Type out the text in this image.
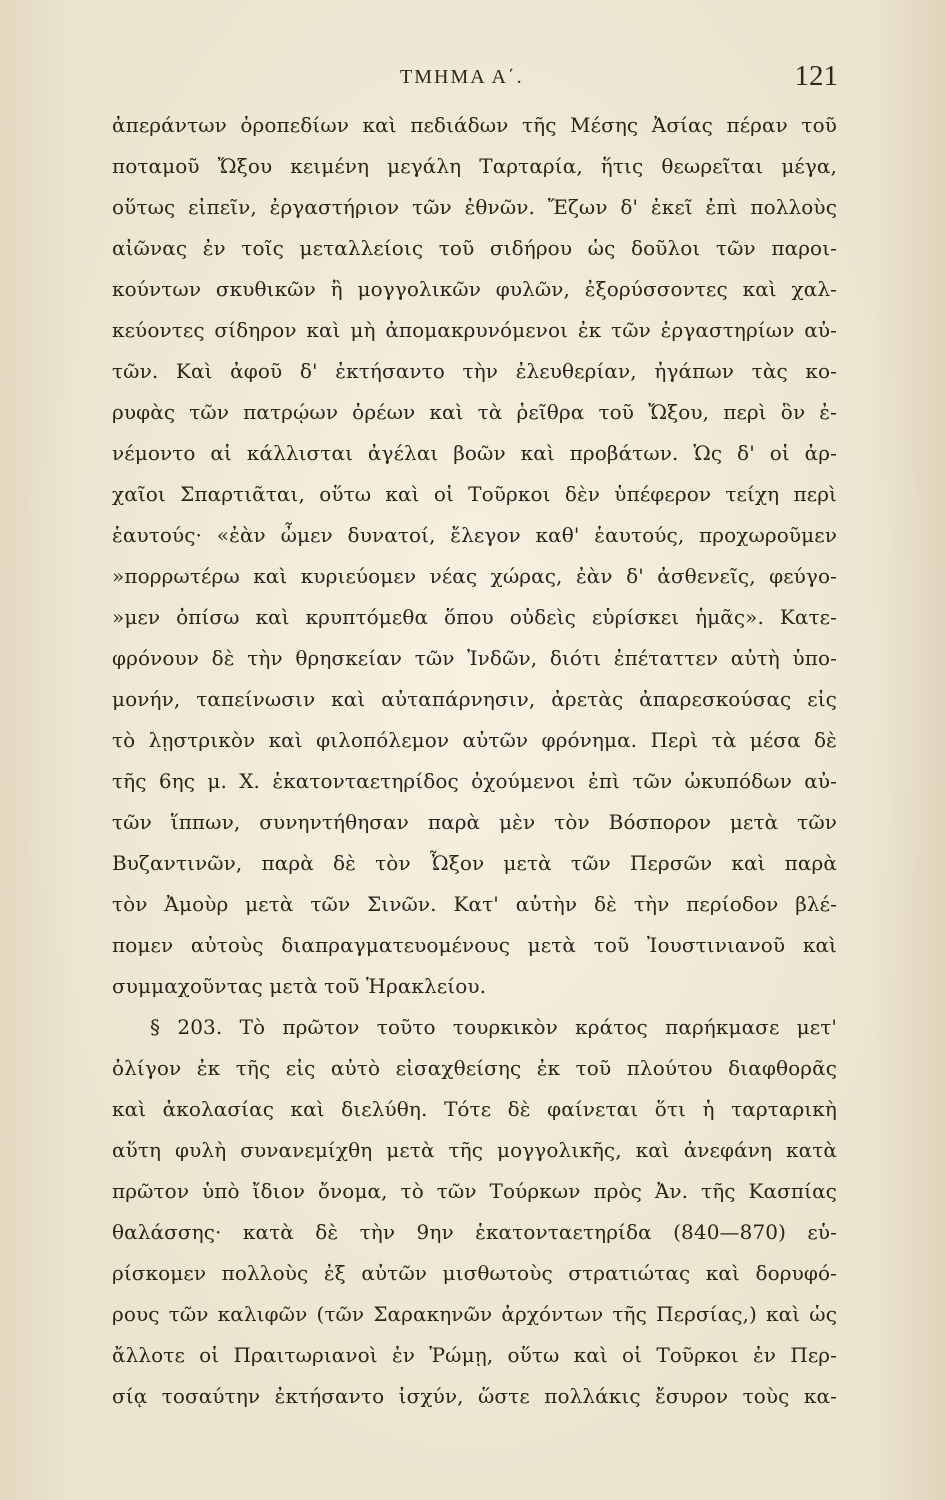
ΤΜΗΜΑ Α΄.	121
ἀπεράντων ὀροπεδίων καὶ πεδιάδων τῆς Μέσης Ἀσίας πέραν τοῦ
ποταμοῦ Ὤξου κειμένη μεγάλη Ταρταρία, ἥτις θεωρεῖται μέγα,
οὕτως εἰπεῖν, ἐργαστήριον τῶν ἐθνῶν. Ἔζων δ' ἐκεῖ ἐπὶ πολλοὺς
αἰῶνας ἐν τοῖς μεταλλείοις τοῦ σιδήρου ὡς δοῦλοι τῶν παροι-
κούντων σκυθικῶν ἢ μογγολικῶν φυλῶν, ἐξορύσσοντες καὶ χαλ-
κεύοντες σίδηρον καὶ μὴ ἀπομακρυνόμενοι ἐκ τῶν ἐργαστηρίων αὐ-
τῶν. Καὶ ἀφοῦ δ' ἐκτήσαντο τὴν ἐλευθερίαν, ἠγάπων τὰς κο-
ρυφὰς τῶν πατρῴων ὀρέων καὶ τὰ ῥεῖθρα τοῦ Ὤξου, περὶ ὃν ἐ-
νέμοντο αἱ κάλλισται ἀγέλαι βοῶν καὶ προβάτων. Ὡς δ' οἱ ἀρ-
χαῖοι Σπαρτιᾶται, οὕτω καὶ οἱ Τοῦρκοι δὲν ὑπέφερον τείχη περὶ
ἑαυτούς· «ἐὰν ὦμεν δυνατοί, ἔλεγον καθ' ἑαυτούς, προχωροῦμεν
»πορρωτέρω καὶ κυριεύομεν νέας χώρας, ἐὰν δ' ἀσθενεῖς, φεύγο-
»μεν ὀπίσω καὶ κρυπτόμεθα ὅπου οὐδεὶς εὑρίσκει ἡμᾶς». Κατε-
φρόνουν δὲ τὴν θρησκείαν τῶν Ἰνδῶν, διότι ἐπέταττεν αὐτὴ ὑπο-
μονήν, ταπείνωσιν καὶ αὐταπάρνησιν, ἀρετὰς ἀπαρεσκούσας εἰς
τὸ λῃστρικὸν καὶ φιλοπόλεμον αὐτῶν φρόνημα. Περὶ τὰ μέσα δὲ
τῆς 6ης μ. Χ. ἑκατονταετηρίδος ὀχούμενοι ἐπὶ τῶν ὠκυπόδων αὐ-
τῶν ἵππων, συνηντήθησαν παρὰ μὲν τὸν Βόσπορον μετὰ τῶν
Βυζαντινῶν, παρὰ δὲ τὸν Ὦξον μετὰ τῶν Περσῶν καὶ παρὰ
τὸν Ἀμοὺρ μετὰ τῶν Σινῶν. Κατ' αὐτὴν δὲ τὴν περίοδον βλέ-
πομεν αὐτοὺς διαπραγματευομένους μετὰ τοῦ Ἰουστινιανοῦ καὶ
συμμαχοῦντας μετὰ τοῦ Ἡρακλείου.
§ 203. Τὸ πρῶτον τοῦτο τουρκικὸν κράτος παρήκμασε μετ'
ὀλίγον ἐκ τῆς εἰς αὐτὸ εἰσαχθείσης ἐκ τοῦ πλούτου διαφθορᾶς
καὶ ἀκολασίας καὶ διελύθη. Τότε δὲ φαίνεται ὅτι ἡ ταρταρικὴ
αὕτη φυλὴ συνανεμίχθη μετὰ τῆς μογγολικῆς, καὶ ἀνεφάνη κατὰ
πρῶτον ὑπὸ ἴδιον ὄνομα, τὸ τῶν Τούρκων πρὸς Ἀν. τῆς Κασπίας
θαλάσσης· κατὰ δὲ τὴν 9ην ἑκατονταετηρίδα (840—870) εὑ-
ρίσκομεν πολλοὺς ἐξ αὐτῶν μισθωτοὺς στρατιώτας καὶ δορυφό-
ρους τῶν καλιφῶν (τῶν Σαρακηνῶν ἀρχόντων τῆς Περσίας,) καὶ ὡς
ἄλλοτε οἱ Πραιτωριανοὶ ἐν Ῥώμῃ, οὕτω καὶ οἱ Τοῦρκοι ἐν Περ-
σίᾳ τοσαύτην ἐκτήσαντο ἰσχύν, ὥστε πολλάκις ἔσυρον τοὺς κα-
